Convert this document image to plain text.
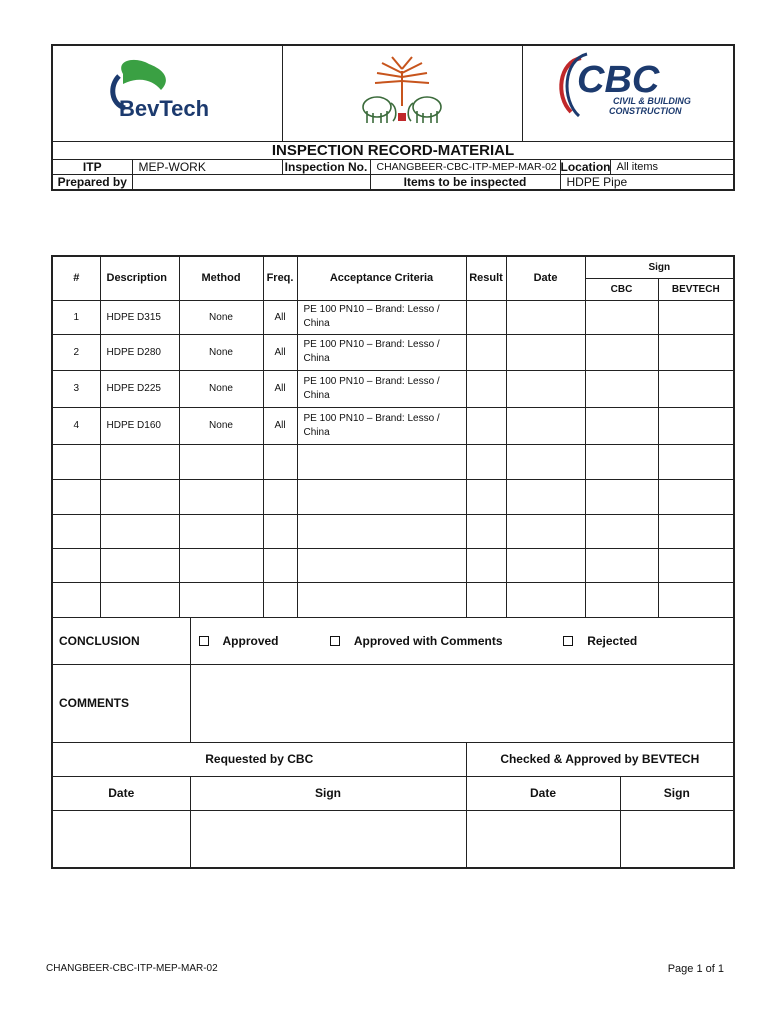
BevTech				CBC
CIVIL & BUILDING
CONSTRUCTION		

INSPECTION RECORD-MATERIAL						
ITP	MEP-WORK	Inspection No.	CHANGBEER-CBC-ITP-MEP-MAR-02		Location	All items
Prepared by			Items to be inspected		HDPE Pipe	
#	Description	Method		Freq.	Acceptance Criteria	Result	Date	Sign		
								CBC		BEVTECH
1	HDPE D315	None		All	PE 100 PN10 – Brand: Lesso /
China					
2	HDPE D280	None		All	PE 100 PN10 – Brand: Lesso /
China					
3	HDPE D225	None		All	PE 100 PN10 – Brand: Lesso /
China					
4	HDPE D160	None		All	PE 100 PN10 – Brand: Lesso /
China					

CONCLUSION			Approved Approved with Comments Rejected							
COMMENTS										
Requested by CBC						Checked & Approved by BEVTECH				
Date			Sign			Date			Sign	

CHANGBEER-CBC-ITP-MEP-MAR-02	Page 1 of 1
